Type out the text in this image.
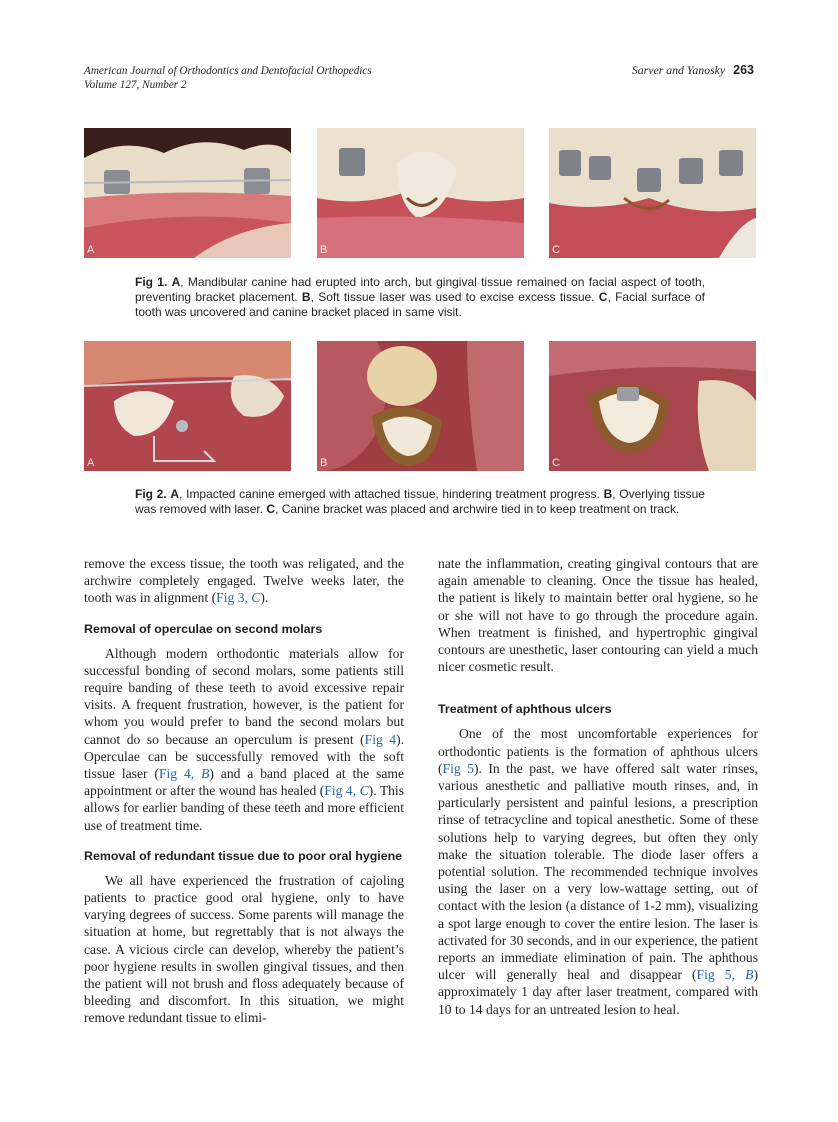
American Journal of Orthodontics and Dentofacial Orthopedics
Volume 127, Number 2
Sarver and Yanosky 263
A	B	C
Fig 1. A, Mandibular canine had erupted into arch, but gingival tissue remained on facial aspect of tooth, preventing bracket placement. B, Soft tissue laser was used to excise excess tissue. C, Facial surface of tooth was uncovered and canine bracket placed in same visit.
A	B	C
Fig 2. A, Impacted canine emerged with attached tissue, hindering treatment progress. B, Overlying tissue was removed with laser. C, Canine bracket was placed and archwire tied in to keep treatment on track.

remove the excess tissue, the tooth was religated, and the archwire completely engaged. Twelve weeks later, the tooth was in alignment (Fig 3, C).

Removal of operculae on second molars

Although modern orthodontic materials allow for successful bonding of second molars, some patients still require banding of these teeth to avoid excessive repair visits. A frequent frustration, however, is the patient for whom you would prefer to band the second molars but cannot do so because an operculum is present (Fig 4). Operculae can be successfully removed with the soft tissue laser (Fig 4, B) and a band placed at the same appointment or after the wound has healed (Fig 4, C). This allows for earlier banding of these teeth and more efficient use of treatment time.

Removal of redundant tissue due to poor oral hygiene

We all have experienced the frustration of cajoling patients to practice good oral hygiene, only to have varying degrees of success. Some parents will manage the situation at home, but regrettably that is not always the case. A vicious circle can develop, whereby the patient’s poor hygiene results in swollen gingival tissues, and then the patient will not brush and floss adequately because of bleeding and discomfort. In this situation, we might remove redundant tissue to elimi-

nate the inflammation, creating gingival contours that are again amenable to cleaning. Once the tissue has healed, the patient is likely to maintain better oral hygiene, so he or she will not have to go through the procedure again. When treatment is finished, and hypertrophic gingival contours are unesthetic, laser contouring can yield a much nicer cosmetic result.

Treatment of aphthous ulcers

One of the most uncomfortable experiences for orthodontic patients is the formation of aphthous ulcers (Fig 5). In the past, we have offered salt water rinses, various anesthetic and palliative mouth rinses, and, in particularly persistent and painful lesions, a prescription rinse of tetracycline and topical anesthetic. Some of these solutions help to varying degrees, but often they only make the situation tolerable. The diode laser offers a potential solution. The recommended technique involves using the laser on a very low-wattage setting, out of contact with the lesion (a distance of 1-2 mm), visualizing a spot large enough to cover the entire lesion. The laser is activated for 30 seconds, and in our experience, the patient reports an immediate elimination of pain. The aphthous ulcer will generally heal and disappear (Fig 5, B) approximately 1 day after laser treatment, compared with 10 to 14 days for an untreated lesion to heal.
